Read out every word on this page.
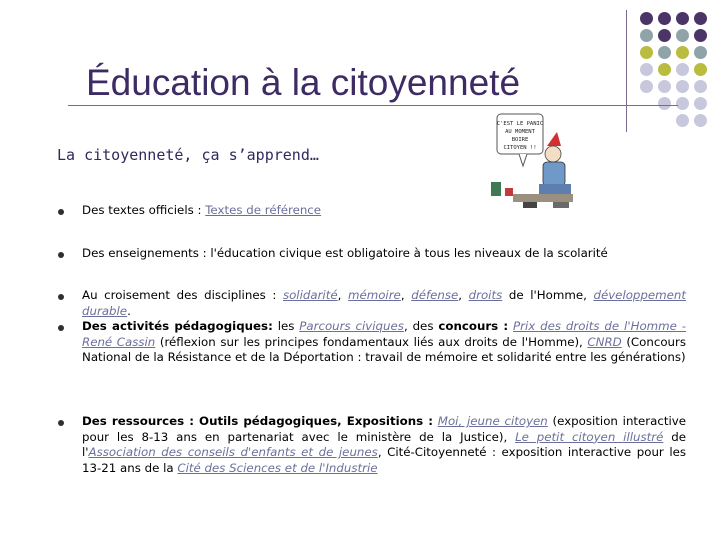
Éducation à la citoyenneté
La citoyenneté, ça s’apprend…
C'EST LE PANIC AU MOMENT BOIRE CITOYEN !!
Des textes officiels : Textes de référence
Des enseignements : l'éducation civique est obligatoire à tous les niveaux de la scolarité
Au croisement des disciplines : solidarité, mémoire, défense, droits de l'Homme, développement durable.
Des activités pédagogiques: les Parcours civiques, des concours : Prix des droits de l'Homme - René Cassin (réflexion sur les principes fondamentaux liés aux droits de l'Homme), CNRD (Concours National de la Résistance et de la Déportation : travail de mémoire et solidarité entre les générations)
Des ressources : Outils pédagogiques, Expositions : Moi, jeune citoyen (exposition interactive pour les 8-13 ans en partenariat avec le ministère de la Justice), Le petit citoyen illustré de l'Association des conseils d'enfants et de jeunes, Cité-Citoyenneté : exposition interactive pour les 13-21 ans de la Cité des Sciences et de l'Industrie
